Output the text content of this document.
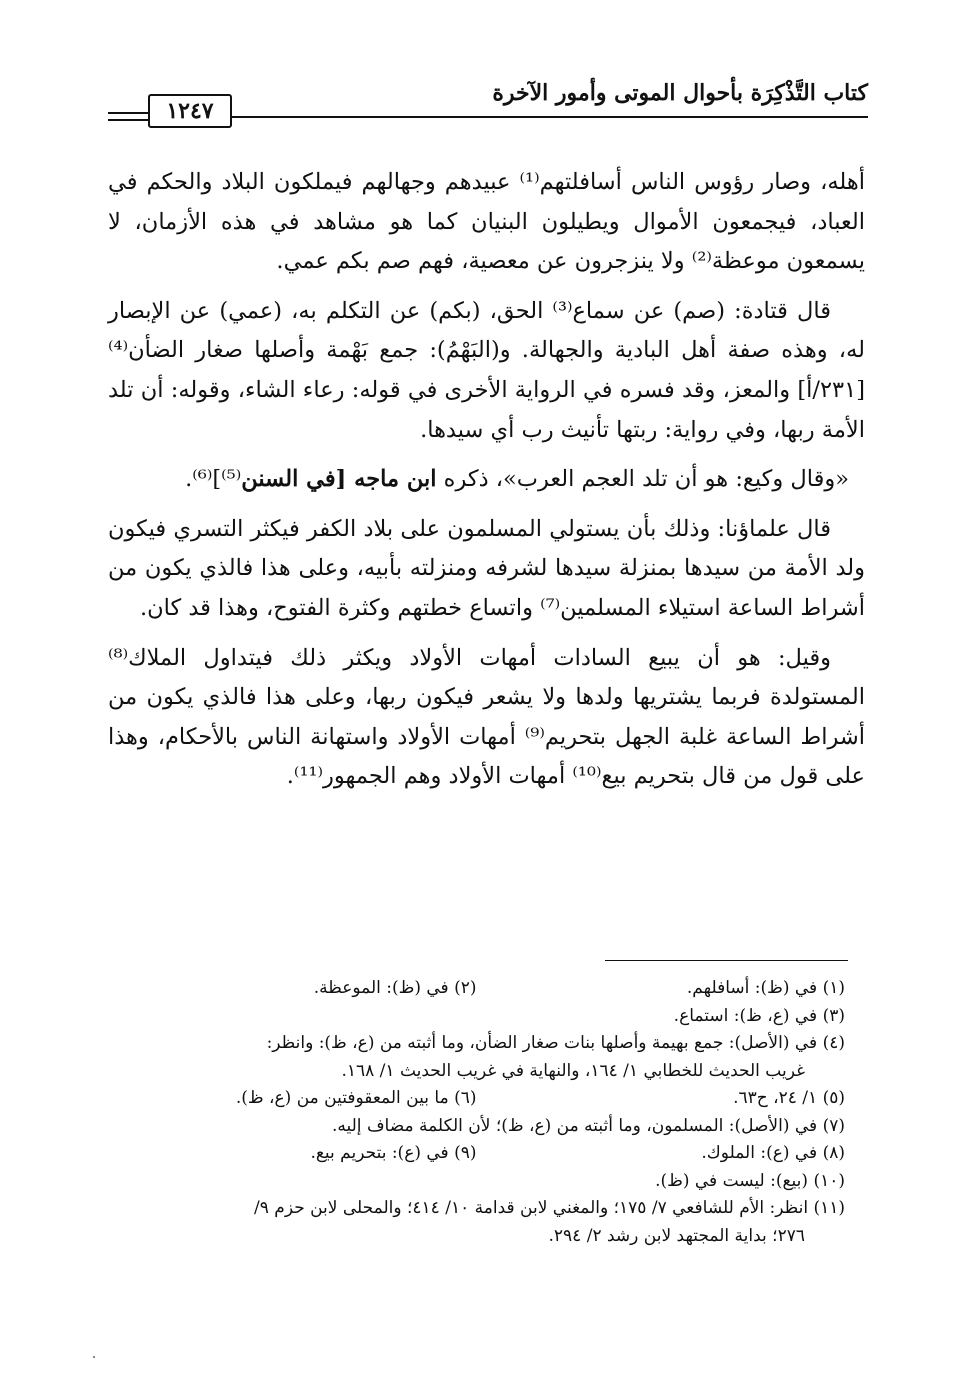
كتاب التَّذْكِرَة بأحوال الموتى وأمور الآخرة
١٢٤٧

أهله، وصار رؤوس الناس أسافلتهم⁽¹⁾ عبيدهم وجهالهم فيملكون البلاد والحكم في العباد، فيجمعون الأموال ويطيلون البنيان كما هو مشاهد في هذه الأزمان، لا يسمعون موعظة⁽²⁾ ولا ينزجرون عن معصية، فهم صم بكم عمي.

قال قتادة: (صم) عن سماع⁽³⁾ الحق، (بكم) عن التكلم به، (عمي) عن الإبصار له، وهذه صفة أهل البادية والجهالة. و(البَهْمُ): جمع بَهْمة وأصلها صغار الضأن⁽⁴⁾ [٢٣١/أ] والمعز، وقد فسره في الرواية الأخرى في قوله: رعاء الشاء، وقوله: أن تلد الأمة ربها، وفي رواية: ربتها تأنيث رب أي سيدها.

«وقال وكيع: هو أن تلد العجم العرب»، ذكره ابن ماجه [في السنن⁽⁵⁾]⁽⁶⁾.

قال علماؤنا: وذلك بأن يستولي المسلمون على بلاد الكفر فيكثر التسري فيكون ولد الأمة من سيدها بمنزلة سيدها لشرفه ومنزلته بأبيه، وعلى هذا فالذي يكون من أشراط الساعة استيلاء المسلمين⁽⁷⁾ واتساع خطتهم وكثرة الفتوح، وهذا قد كان.

وقيل: هو أن يبيع السادات أمهات الأولاد ويكثر ذلك فيتداول الملاك⁽⁸⁾ المستولدة فربما يشتريها ولدها ولا يشعر فيكون ربها، وعلى هذا فالذي يكون من أشراط الساعة غلبة الجهل بتحريم⁽⁹⁾ أمهات الأولاد واستهانة الناس بالأحكام، وهذا على قول من قال بتحريم بيع⁽¹⁰⁾ أمهات الأولاد وهم الجمهور⁽¹¹⁾.

(١) في (ظ): أسافلهم.
(٢) في (ظ): الموعظة.
(٣) في (ع، ظ): استماع.
(٤) في (الأصل): جمع بهيمة وأصلها بنات صغار الضأن، وما أثبته من (ع، ظ): وانظر:
غريب الحديث للخطابي ١/ ١٦٤، والنهاية في غريب الحديث ١/ ١٦٨.
(٥) ١/ ٢٤، ح٦٣.
(٦) ما بين المعقوفتين من (ع، ظ).
(٧) في (الأصل): المسلمون، وما أثبته من (ع، ظ)؛ لأن الكلمة مضاف إليه.
(٨) في (ع): الملوك.
(٩) في (ع): بتحريم بيع.
(١٠) (بيع): ليست في (ظ).
(١١) انظر: الأم للشافعي ٧/ ١٧٥؛ والمغني لابن قدامة ١٠/ ٤١٤؛ والمحلى لابن حزم ٩/
٢٧٦؛ بداية المجتهد لابن رشد ٢/ ٢٩٤.
